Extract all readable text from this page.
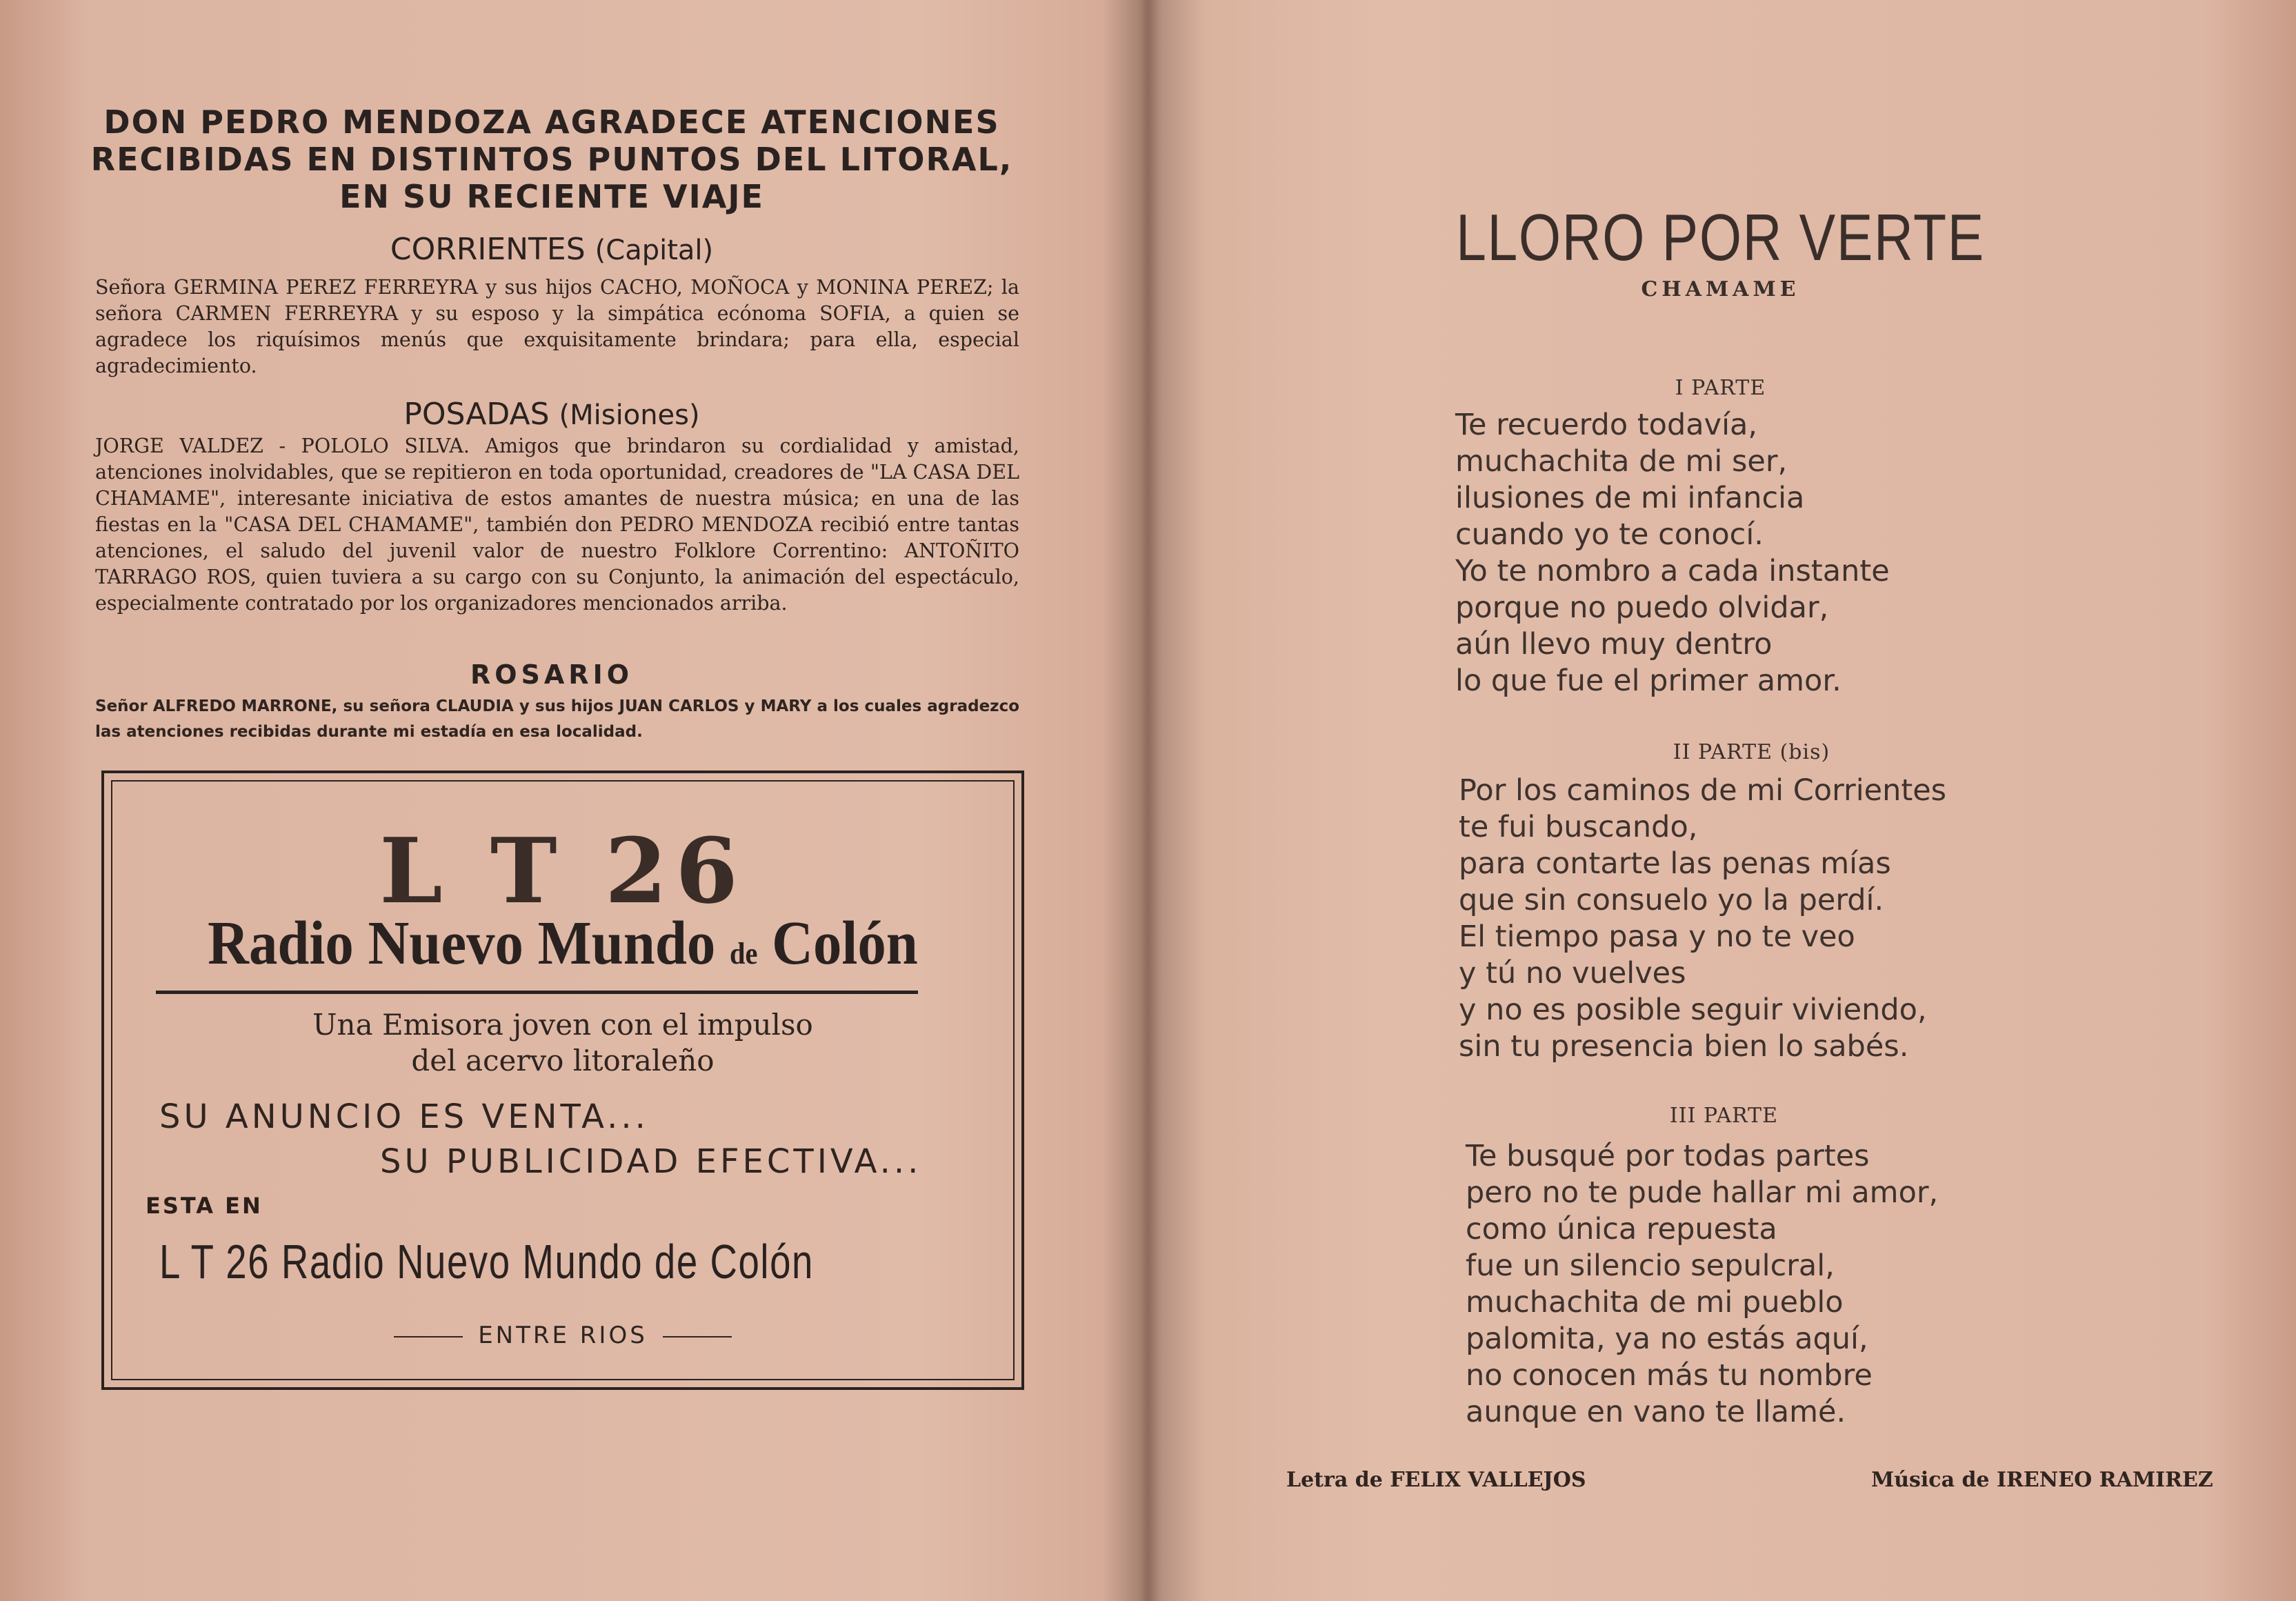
DON PEDRO MENDOZA AGRADECE ATENCIONES
RECIBIDAS EN DISTINTOS PUNTOS DEL LITORAL,
EN SU RECIENTE VIAJE
CORRIENTES (Capital)
Señora GERMINA PEREZ FERREYRA y sus hijos CACHO, MOÑOCA y MONINA PEREZ; la señora CARMEN FERREYRA y su esposo y la simpática ecónoma SOFIA, a quien se agradece los riquísimos menús que exquisitamente brindara; para ella, especial agradecimiento.
POSADAS (Misiones)
JORGE VALDEZ - POLOLO SILVA. Amigos que brindaron su cordialidad y amistad, atenciones inolvidables, que se repitieron en toda oportunidad, creadores de "LA CASA DEL CHAMAME", interesante iniciativa de estos amantes de nuestra música; en una de las fiestas en la "CASA DEL CHAMAME", también don PEDRO MENDOZA recibió entre tantas atenciones, el saludo del juvenil valor de nuestro Folklore Correntino: ANTOÑITO TARRAGO ROS, quien tuviera a su cargo con su Conjunto, la animación del espectáculo, especialmente contratado por los organizadores mencionados arriba.
ROSARIO
Señor ALFREDO MARRONE, su señora CLAUDIA y sus hijos JUAN CARLOS y MARY a los cuales agradezco las atenciones recibidas durante mi estadía en esa localidad.
L T 26
Radio Nuevo Mundo de Colón
Una Emisora joven con el impulso
del acervo litoraleño
SU ANUNCIO ES VENTA...
SU PUBLICIDAD EFECTIVA...
ESTA EN
L T 26 Radio Nuevo Mundo de Colón
ENTRE RIOS
LLORO POR VERTE
CHAMAME
I PARTE
Te recuerdo todavía,
muchachita de mi ser,
ilusiones de mi infancia
cuando yo te conocí.
Yo te nombro a cada instante
porque no puedo olvidar,
aún llevo muy dentro
lo que fue el primer amor.
II PARTE (bis)
Por los caminos de mi Corrientes
te fui buscando,
para contarte las penas mías
que sin consuelo yo la perdí.
El tiempo pasa y no te veo
y tú no vuelves
y no es posible seguir viviendo,
sin tu presencia bien lo sabés.
III PARTE
Te busqué por todas partes
pero no te pude hallar mi amor,
como única repuesta
fue un silencio sepulcral,
muchachita de mi pueblo
palomita, ya no estás aquí,
no conocen más tu nombre
aunque en vano te llamé.
Letra de FELIX VALLEJOS	Música de IRENEO RAMIREZ
